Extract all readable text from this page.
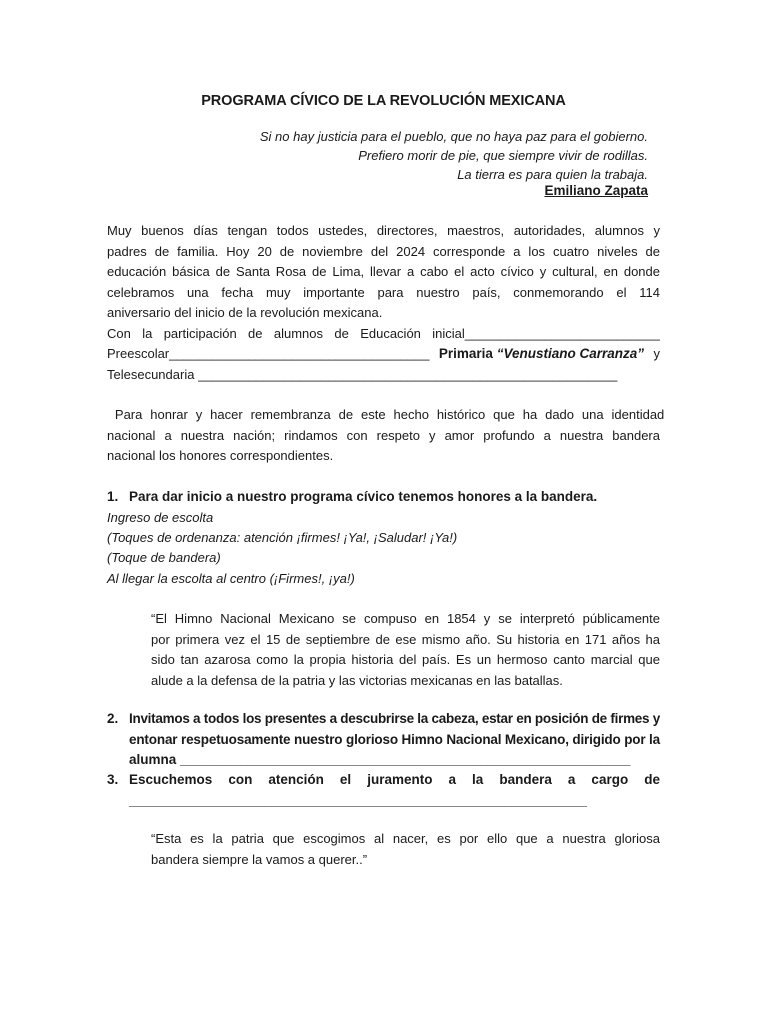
PROGRAMA CÍVICO DE LA REVOLUCIÓN MEXICANA
Si no hay justicia para el pueblo, que no haya paz para el gobierno.
Prefiero morir de pie, que siempre vivir de rodillas.
La tierra es para quien la trabaja.
Emiliano Zapata
Muy buenos días tengan todos ustedes, directores, maestros, autoridades, alumnos y
padres de familia. Hoy 20 de noviembre del 2024 corresponde a los cuatro niveles de
educación básica de Santa Rosa de Lima, llevar a cabo el acto cívico y cultural, en donde
celebramos una fecha muy importante para nuestro país, conmemorando el 114
aniversario del inicio de la revolución mexicana.
Con la participación de alumnos de Educación inicial ___________________________
Preescolar____________________________________ Primaria “Venustiano Carranza” y
Telesecundaria
__________________________________________________________
Para honrar y hacer remembranza de este hecho histórico que ha dado una identidad
nacional a nuestra nación; rindamos con respeto y amor profundo a nuestra bandera
nacional los honores correspondientes.
1. Para dar inicio a nuestro programa cívico tenemos honores a la bandera.
Ingreso de escolta
(Toques de ordenanza: atención ¡firmes! ¡Ya!, ¡Saludar! ¡Ya!)
(Toque de bandera)
Al llegar la escolta al centro (¡Firmes!, ¡ya!)
“El Himno Nacional Mexicano se compuso en 1854 y se interpretó públicamente
por primera vez el 15 de septiembre de ese mismo año. Su historia en 171 años ha
sido tan azarosa como la propia historia del país. Es un hermoso canto marcial que
alude a la defensa de la patria y las victorias mexicanas en las batallas.
2. Invitamos a todos los presentes a descubrirse la cabeza, estar en posición de firmes y
entonar respetuosamente nuestro glorioso Himno Nacional Mexicano, dirigido por la
alumna ____________________________________________________________
3. Escuchemos con atención el juramento a la bandera a cargo de
_____________________________________________________________
“Esta es la patria que escogimos al nacer, es por ello que a nuestra gloriosa
bandera siempre la vamos a querer..”
